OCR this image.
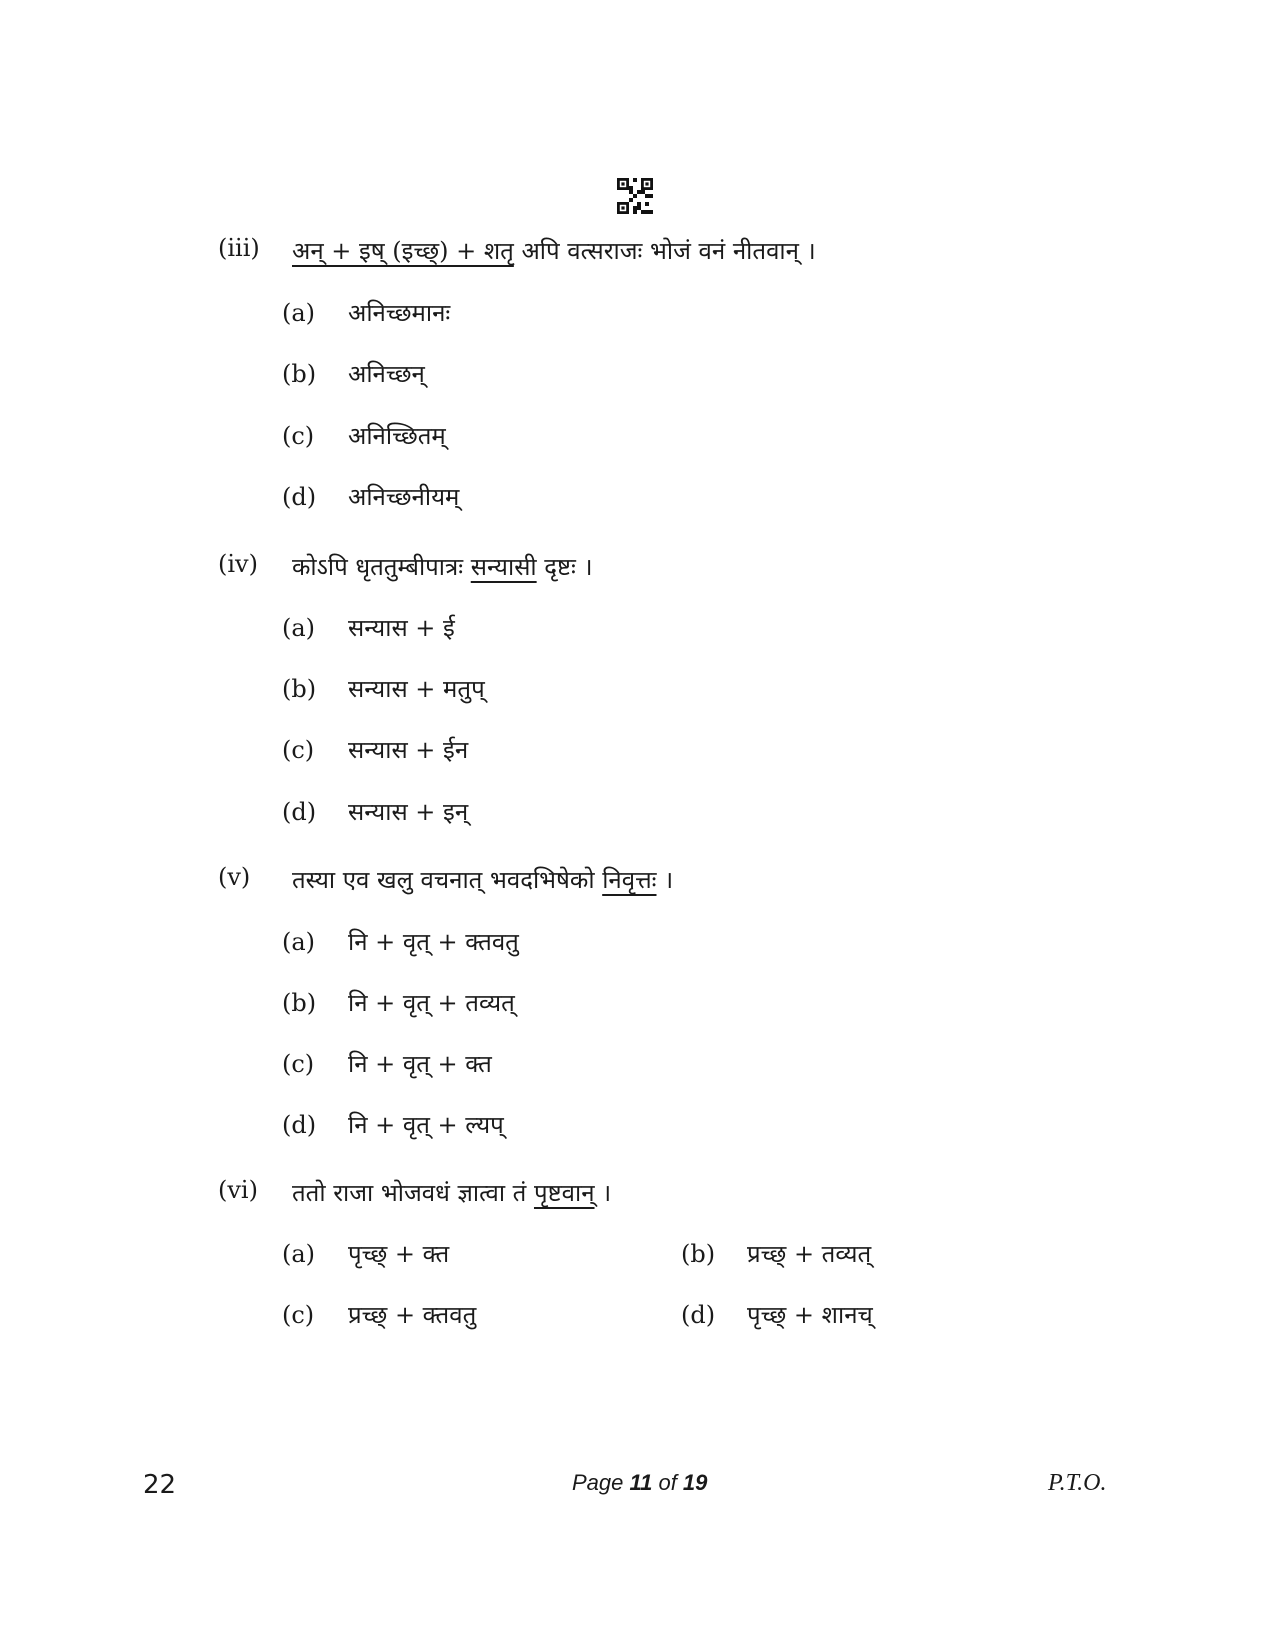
(iii)	अन् + इष् (इच्छ्) + शतृ अपि वत्सराजः भोजं वनं नीतवान् ।
(a) अनिच्छमानः
(b) अनिच्छन्
(c) अनिच्छितम्
(d) अनिच्छनीयम्
(iv)	कोऽपि धृततुम्बीपात्रः सन्यासी दृष्टः ।
(a) सन्यास + ई
(b) सन्यास + मतुप्
(c) सन्यास + ईन
(d) सन्यास + इन्
(v)	तस्या एव खलु वचनात् भवदभिषेको निवृत्तः ।
(a) नि + वृत् + क्तवतु
(b) नि + वृत् + तव्यत्
(c) नि + वृत् + क्त
(d) नि + वृत् + ल्यप्
(vi)	ततो राजा भोजवधं ज्ञात्वा तं पृष्टवान् ।
(a) पृच्छ् + क्त	(b) प्रच्छ् + तव्यत्
(c) प्रच्छ् + क्तवतु	(d) पृच्छ् + शानच्
22	Page 11 of 19	P.T.O.
